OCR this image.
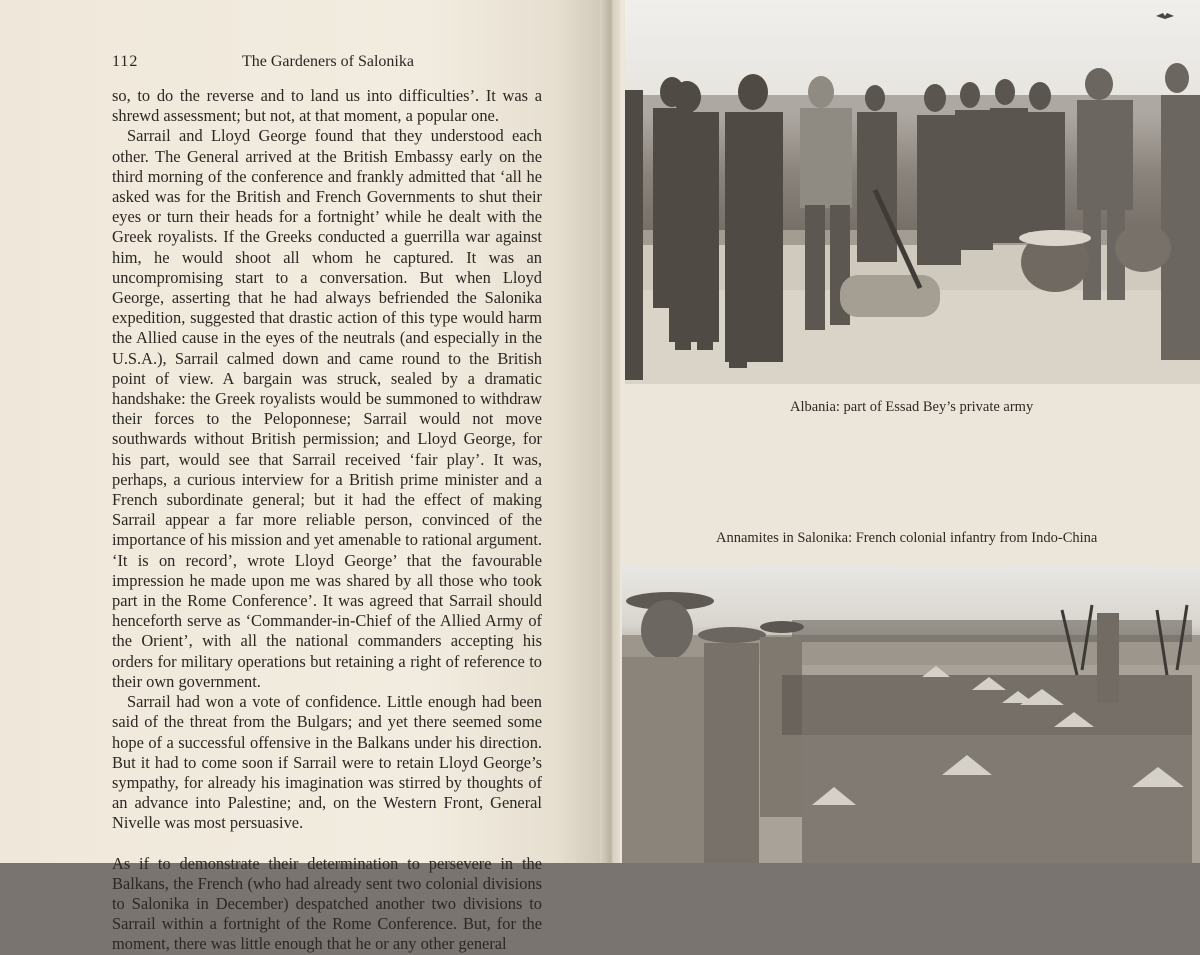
112	The Gardeners of Salonika

so, to do the reverse and to land us into difficulties’. It was a shrewd assessment; but not, at that moment, a popular one.

Sarrail and Lloyd George found that they understood each other. The General arrived at the British Embassy early on the third morning of the conference and frankly admitted that ‘all he asked was for the British and French Governments to shut their eyes or turn their heads for a fortnight’ while he dealt with the Greek royalists. If the Greeks conducted a guerrilla war against him, he would shoot all whom he captured. It was an uncompromising start to a conversation. But when Lloyd George, asserting that he had always befriended the Salonika expedition, suggested that drastic action of this type would harm the Allied cause in the eyes of the neutrals (and especially in the U.S.A.), Sarrail calmed down and came round to the British point of view. A bargain was struck, sealed by a dramatic handshake: the Greek royalists would be summoned to withdraw their forces to the Peloponnese; Sarrail would not move southwards without British permission; and Lloyd George, for his part, would see that Sarrail received ‘fair play’. It was, perhaps, a curious interview for a British prime minister and a French subordinate general; but it had the effect of making Sarrail appear a far more reliable person, convinced of the importance of his mission and yet amenable to rational argument. ‘It is on record’, wrote Lloyd George’ that the favourable impression he made upon me was shared by all those who took part in the Rome Conference’. It was agreed that Sarrail should henceforth serve as ‘Commander-in-Chief of the Allied Army of the Orient’, with all the national commanders accepting his orders for military operations but retaining a right of reference to their own government.

Sarrail had won a vote of confidence. Little enough had been said of the threat from the Bulgars; and yet there seemed some hope of a successful offensive in the Balkans under his direction. But it had to come soon if Sarrail were to retain Lloyd George’s sympathy, for already his imagination was stirred by thoughts of an advance into Palestine; and, on the Western Front, General Nivelle was most persuasive.

As if to demonstrate their determination to persevere in the Balkans, the French (who had already sent two colonial divisions to Salonika in December) despatched another two divisions to Sarrail within a fortnight of the Rome Conference. But, for the moment, there was little enough that he or any other general

Albania: part of Essad Bey’s private army
Annamites in Salonika: French colonial infantry from Indo-China
